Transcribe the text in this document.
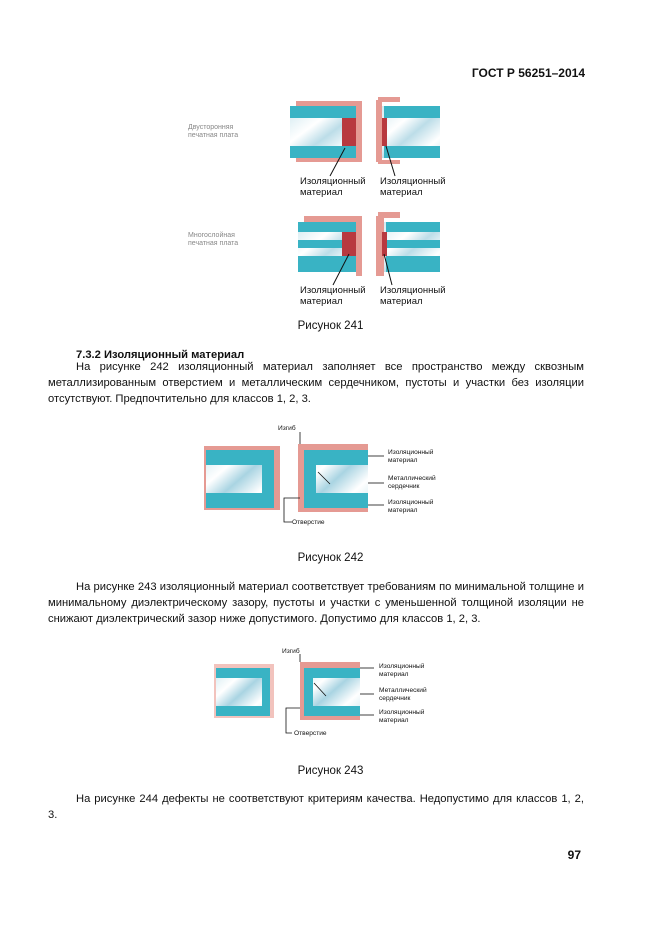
ГОСТ Р 56251–2014
Двусторонняя
печатная плата
Многослойная
печатная плата
Изоляционный
материал
Изоляционный
материал
Изоляционный
материал
Изоляционный
материал
Рисунок 241
7.3.2 Изоляционный материал

На рисунке 242 изоляционный материал заполняет все пространство между сквозным металлизированным отверстием и металлическим сердечником, пустоты и участки без изоляции отсутствуют. Предпочтительно для классов 1, 2, 3.

Изгиб
Изоляционный
материал
Металлический
сердечник
Изоляционный
материал
Отверстие
Рисунок 242

На рисунке 243 изоляционный материал соответствует требованиям по минимальной толщине и минимальному диэлектрическому зазору, пустоты и участки с уменьшенной толщиной изоляции не снижают диэлектрический зазор ниже допустимого. Допустимо для классов 1, 2, 3.

Изгиб
Изоляционный
материал
Металлический
сердечник
Изоляционный
материал
Отверстие
Рисунок 243

На рисунке 244 дефекты не соответствуют критериям качества. Недопустимо для классов 1, 2, 3.

97
